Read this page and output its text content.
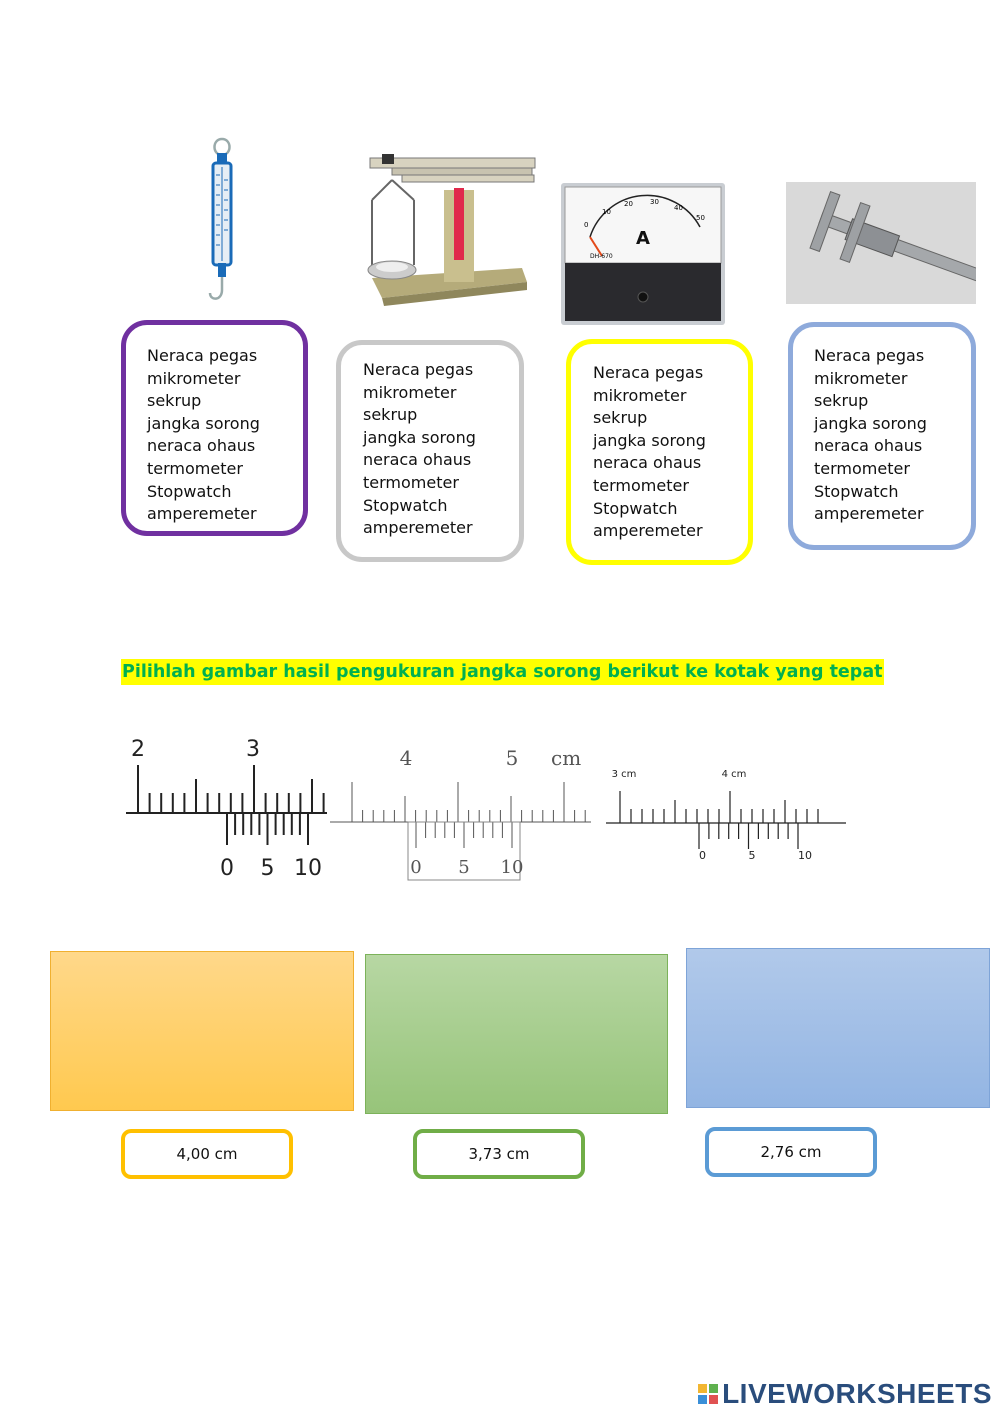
A
0
10
20 30
40
50
DH-670
Neraca pegas
mikrometer
sekrup
jangka sorong
neraca ohaus
termometer
Stopwatch
amperemeter
Neraca pegas
mikrometer
sekrup
jangka sorong
neraca ohaus
termometer
Stopwatch
amperemeter
Neraca pegas
mikrometer
sekrup
jangka sorong
neraca ohaus
termometer
Stopwatch
amperemeter
Neraca pegas
mikrometer
sekrup
jangka sorong
neraca ohaus
termometer
Stopwatch
amperemeter
Pilihlah gambar hasil pengukuran jangka sorong berikut ke kotak yang tepat
2	3
0 5 10
4	5 cm
0 5 10
3 cm	4 cm
0	5	10
4,00 cm	3,73 cm	2,76 cm
LIVEWORKSHEETS
